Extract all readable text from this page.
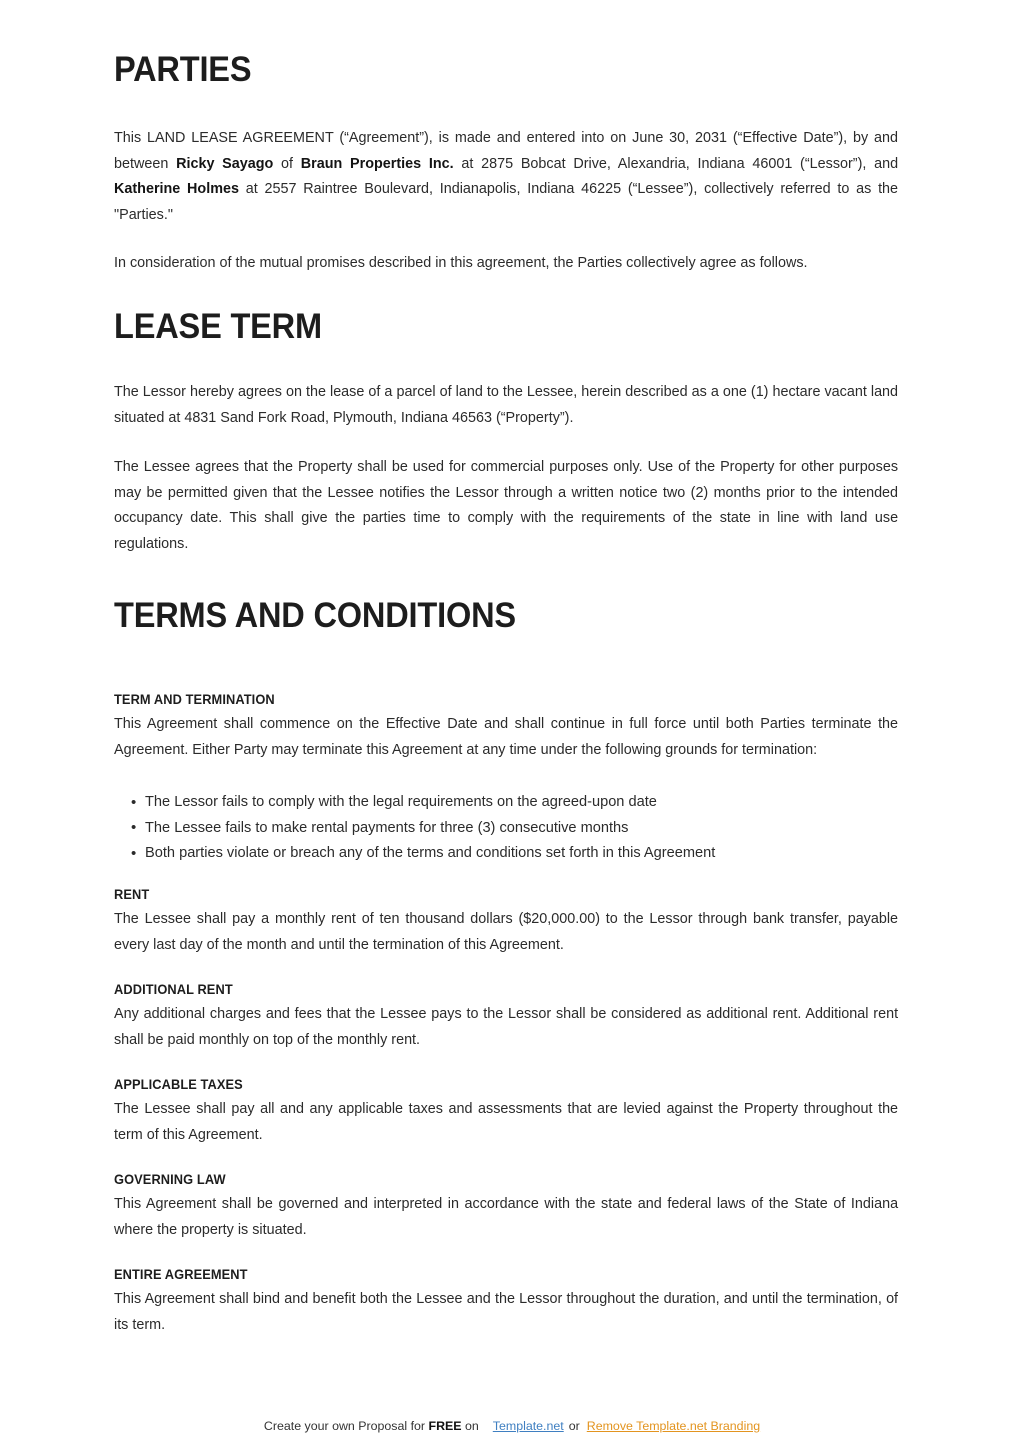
PARTIES

This LAND LEASE AGREEMENT (“Agreement”), is made and entered into on June 30, 2031 (“Effective Date”), by and between Ricky Sayago of Braun Properties Inc. at 2875 Bobcat Drive, Alexandria, Indiana 46001 (“Lessor”), and Katherine Holmes at 2557 Raintree Boulevard, Indianapolis, Indiana 46225 (“Lessee”), collectively referred to as the "Parties."

In consideration of the mutual promises described in this agreement, the Parties collectively agree as follows.

LEASE TERM

The Lessor hereby agrees on the lease of a parcel of land to the Lessee, herein described as a one (1) hectare vacant land situated at 4831 Sand Fork Road, Plymouth, Indiana 46563 (“Property”).

The Lessee agrees that the Property shall be used for commercial purposes only. Use of the Property for other purposes may be permitted given that the Lessee notifies the Lessor through a written notice two (2) months prior to the intended occupancy date. This shall give the parties time to comply with the requirements of the state in line with land use regulations.

TERMS AND CONDITIONS
TERM AND TERMINATION

This Agreement shall commence on the Effective Date and shall continue in full force until both Parties terminate the Agreement. Either Party may terminate this Agreement at any time under the following grounds for termination:

• The Lessor fails to comply with the legal requirements on the agreed-upon date
• The Lessee fails to make rental payments for three (3) consecutive months
• Both parties violate or breach any of the terms and conditions set forth in this Agreement
RENT

The Lessee shall pay a monthly rent of ten thousand dollars ($20,000.00) to the Lessor through bank transfer, payable every last day of the month and until the termination of this Agreement.

ADDITIONAL RENT

Any additional charges and fees that the Lessee pays to the Lessor shall be considered as additional rent. Additional rent shall be paid monthly on top of the monthly rent.

APPLICABLE TAXES

The Lessee shall pay all and any applicable taxes and assessments that are levied against the Property throughout the term of this Agreement.

GOVERNING LAW

This Agreement shall be governed and interpreted in accordance with the state and federal laws of the State of Indiana where the property is situated.

ENTIRE AGREEMENT

This Agreement shall bind and benefit both the Lessee and the Lessor throughout the duration, and until the termination, of its term.

Create your own Proposal for FREE on Template.net or Remove Template.net Branding
